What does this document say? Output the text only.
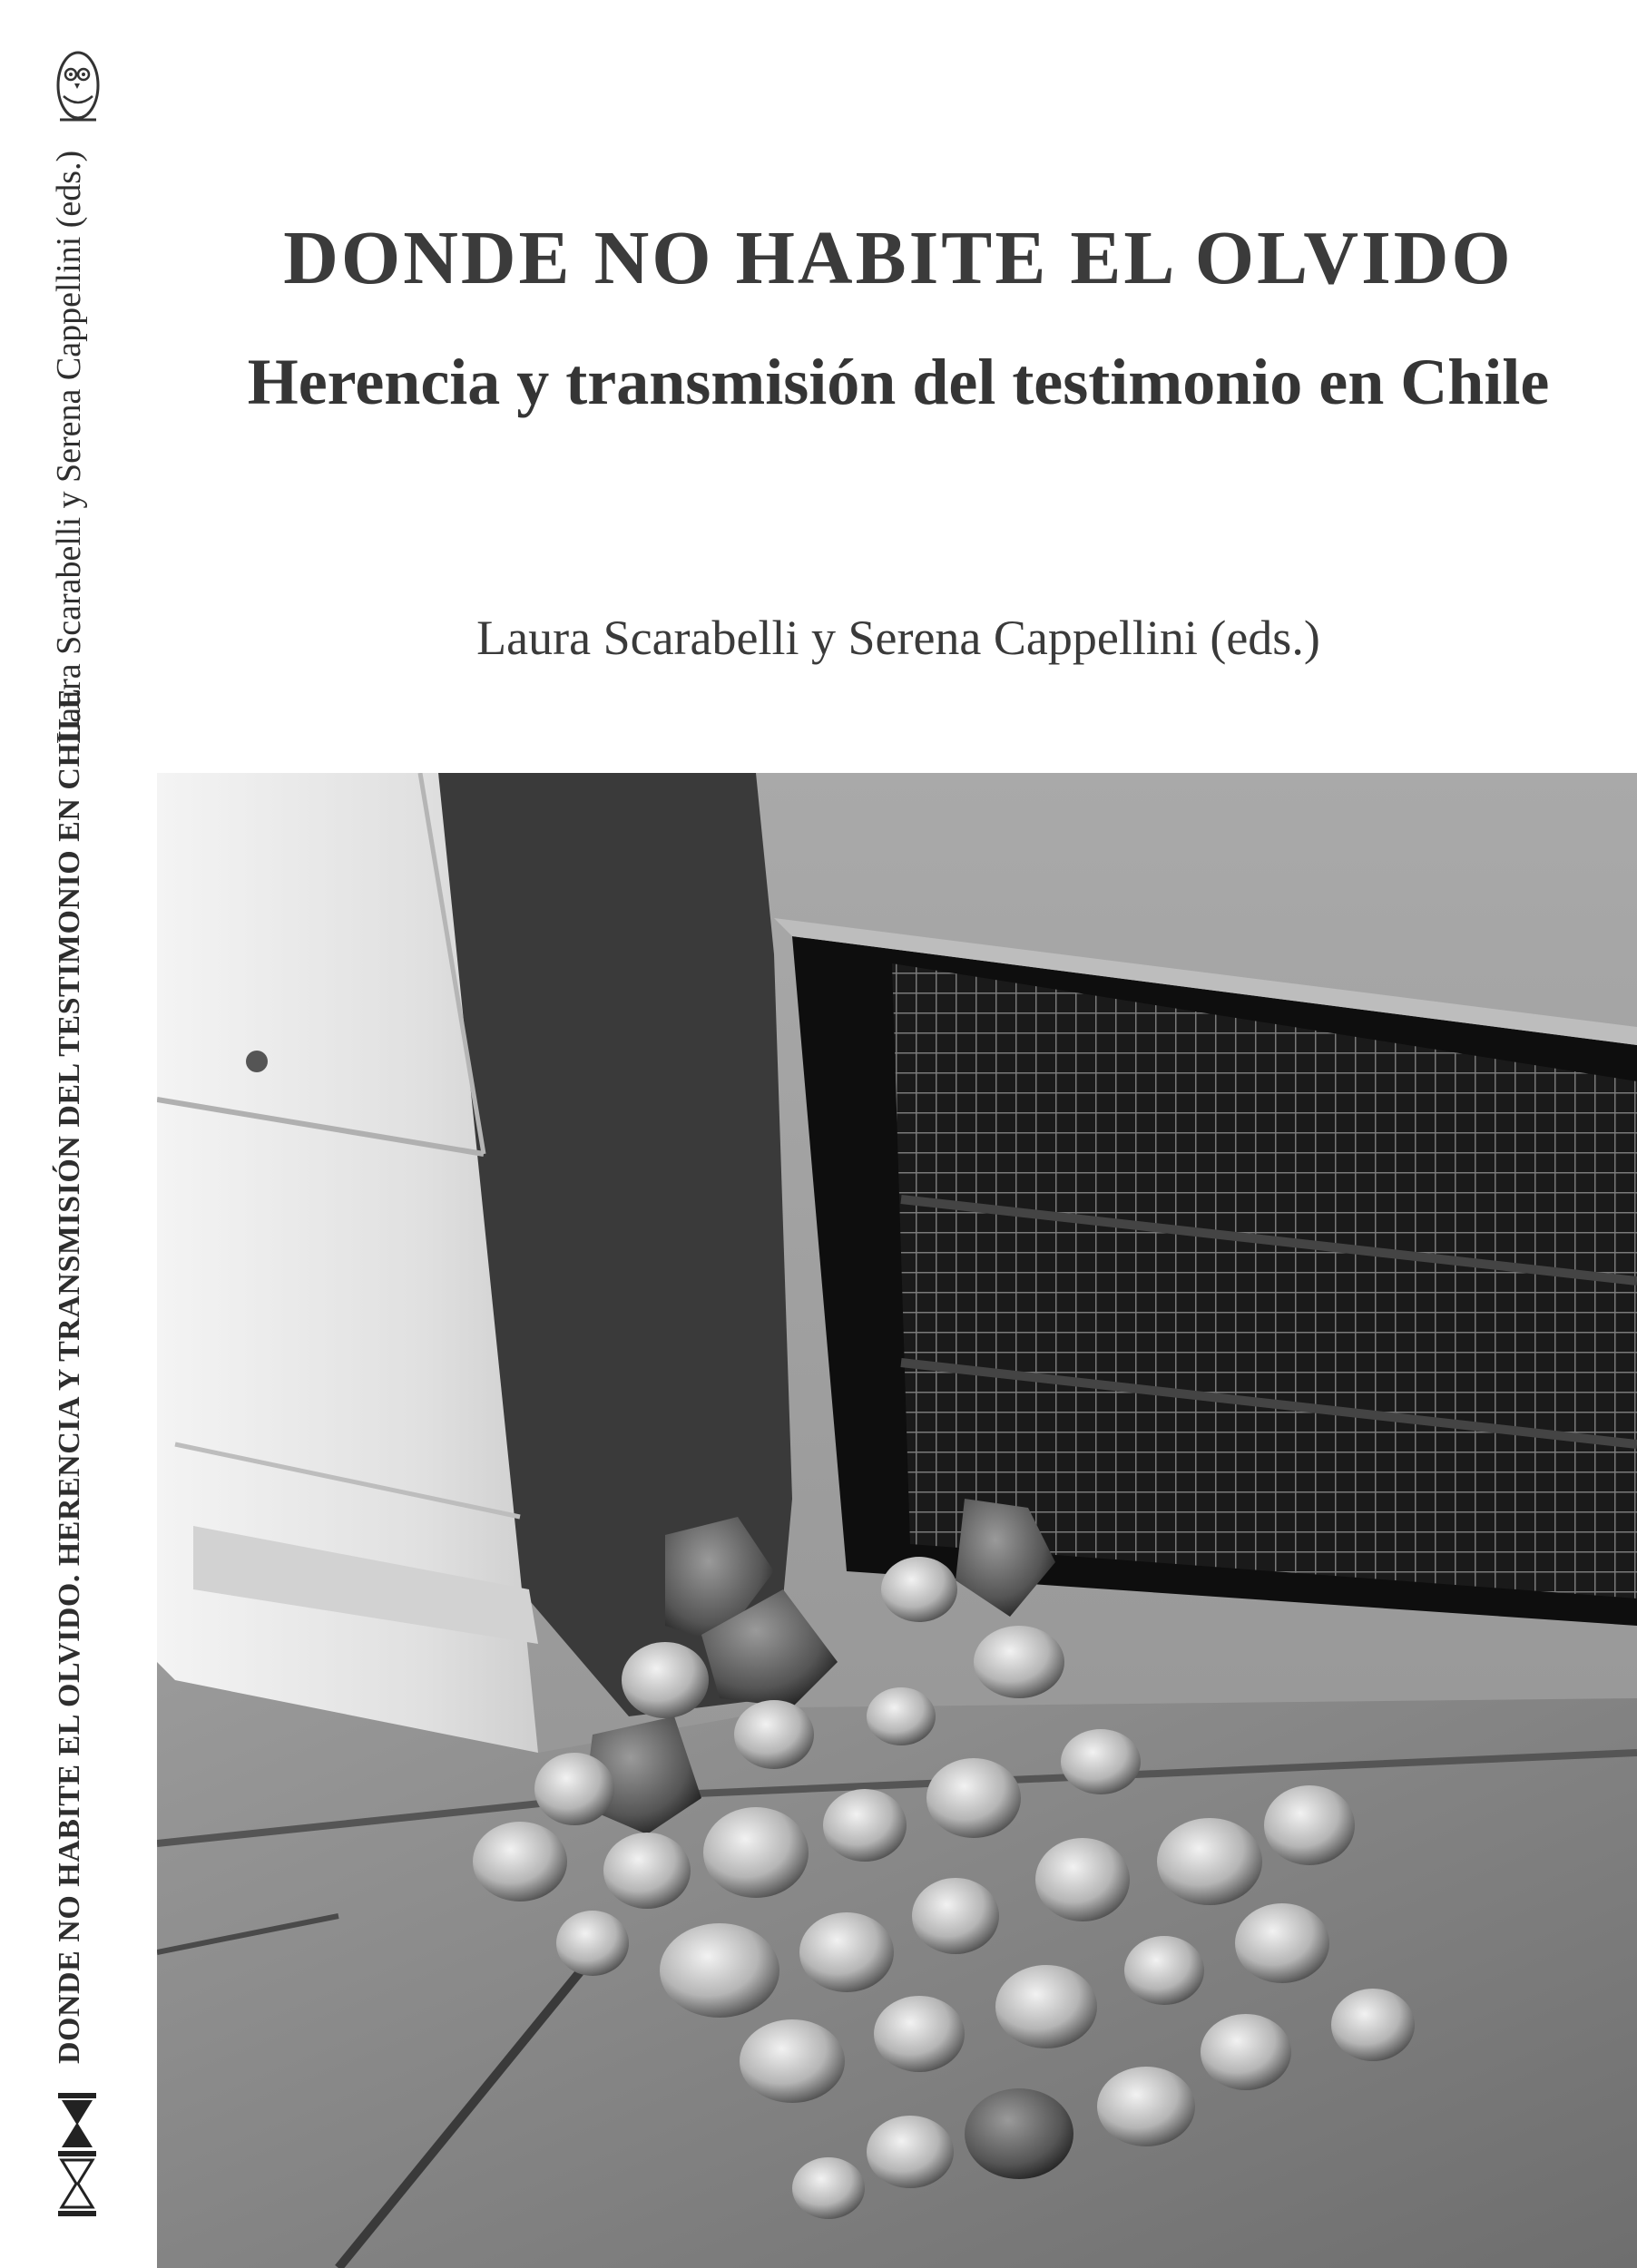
Laura Scarabelli y Serena Cappellini (eds.)
DONDE NO HABITE EL OLVIDO. HERENCIA Y TRANSMISIÓN DEL TESTIMONIO EN CHILE
DONDE NO HABITE EL OLVIDO
Herencia y transmisión del testimonio en Chile

Laura Scarabelli y Serena Cappellini (eds.)
